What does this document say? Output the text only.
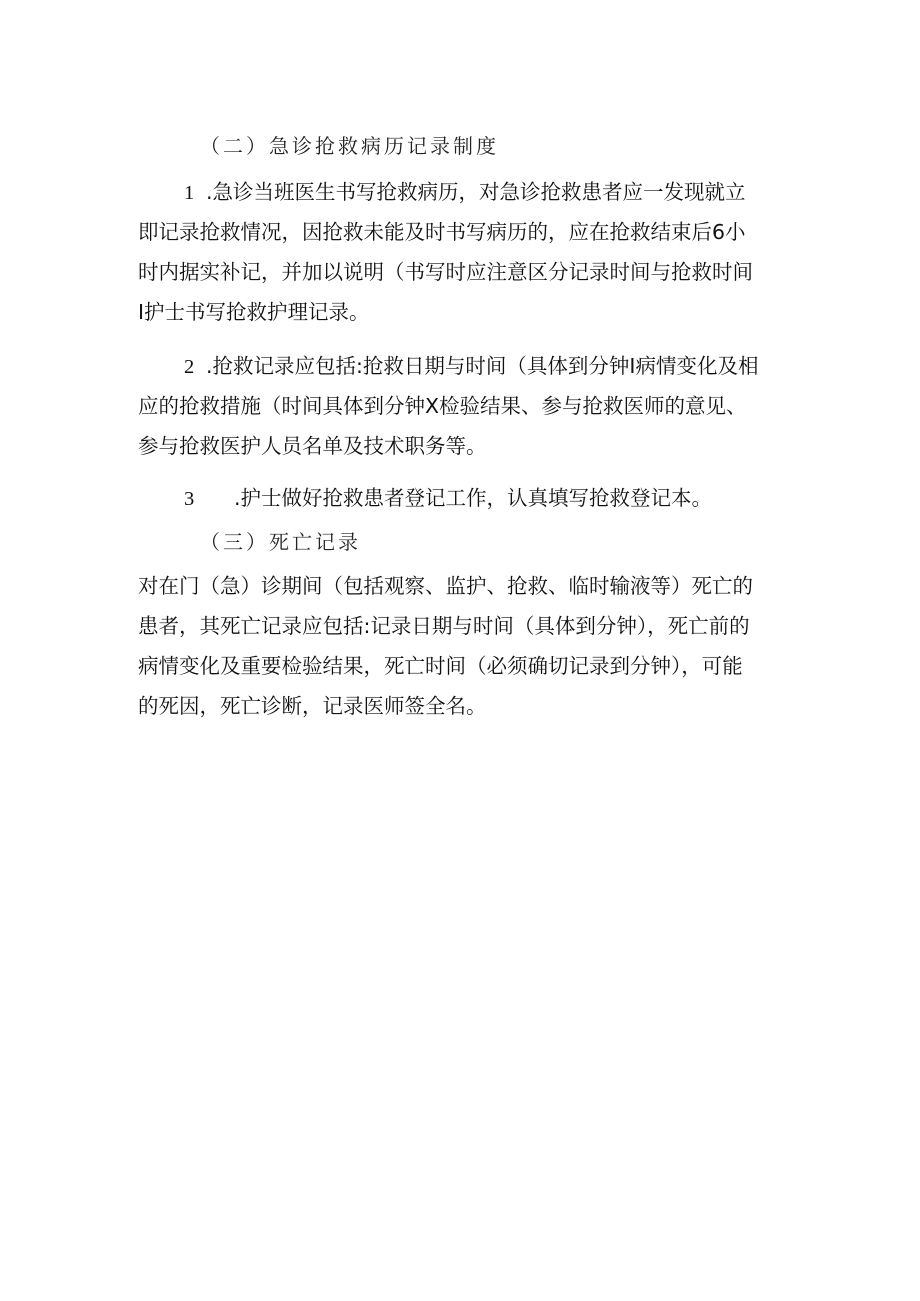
（二）急诊抢救病历记录制度
1 .急诊当班医生书写抢救病历，对急诊抢救患者应一发现就立
即记录抢救情况，因抢救未能及时书写病历的，应在抢救结束后6小
时内据实补记，并加以说明（书写时应注意区分记录时间与抢救时间
I护士书写抢救护理记录。
2 .抢救记录应包括:抢救日期与时间（具体到分钟I病情变化及相
应的抢救措施（时间具体到分钟X检验结果、参与抢救医师的意见、
参与抢救医护人员名单及技术职务等。
3 .护士做好抢救患者登记工作，认真填写抢救登记本。
（三）死亡记录
对在门（急）诊期间（包括观察、监护、抢救、临时输液等）死亡的
患者，其死亡记录应包括:记录日期与时间（具体到分钟），死亡前的
病情变化及重要检验结果，死亡时间（必须确切记录到分钟），可能
的死因，死亡诊断，记录医师签全名。
